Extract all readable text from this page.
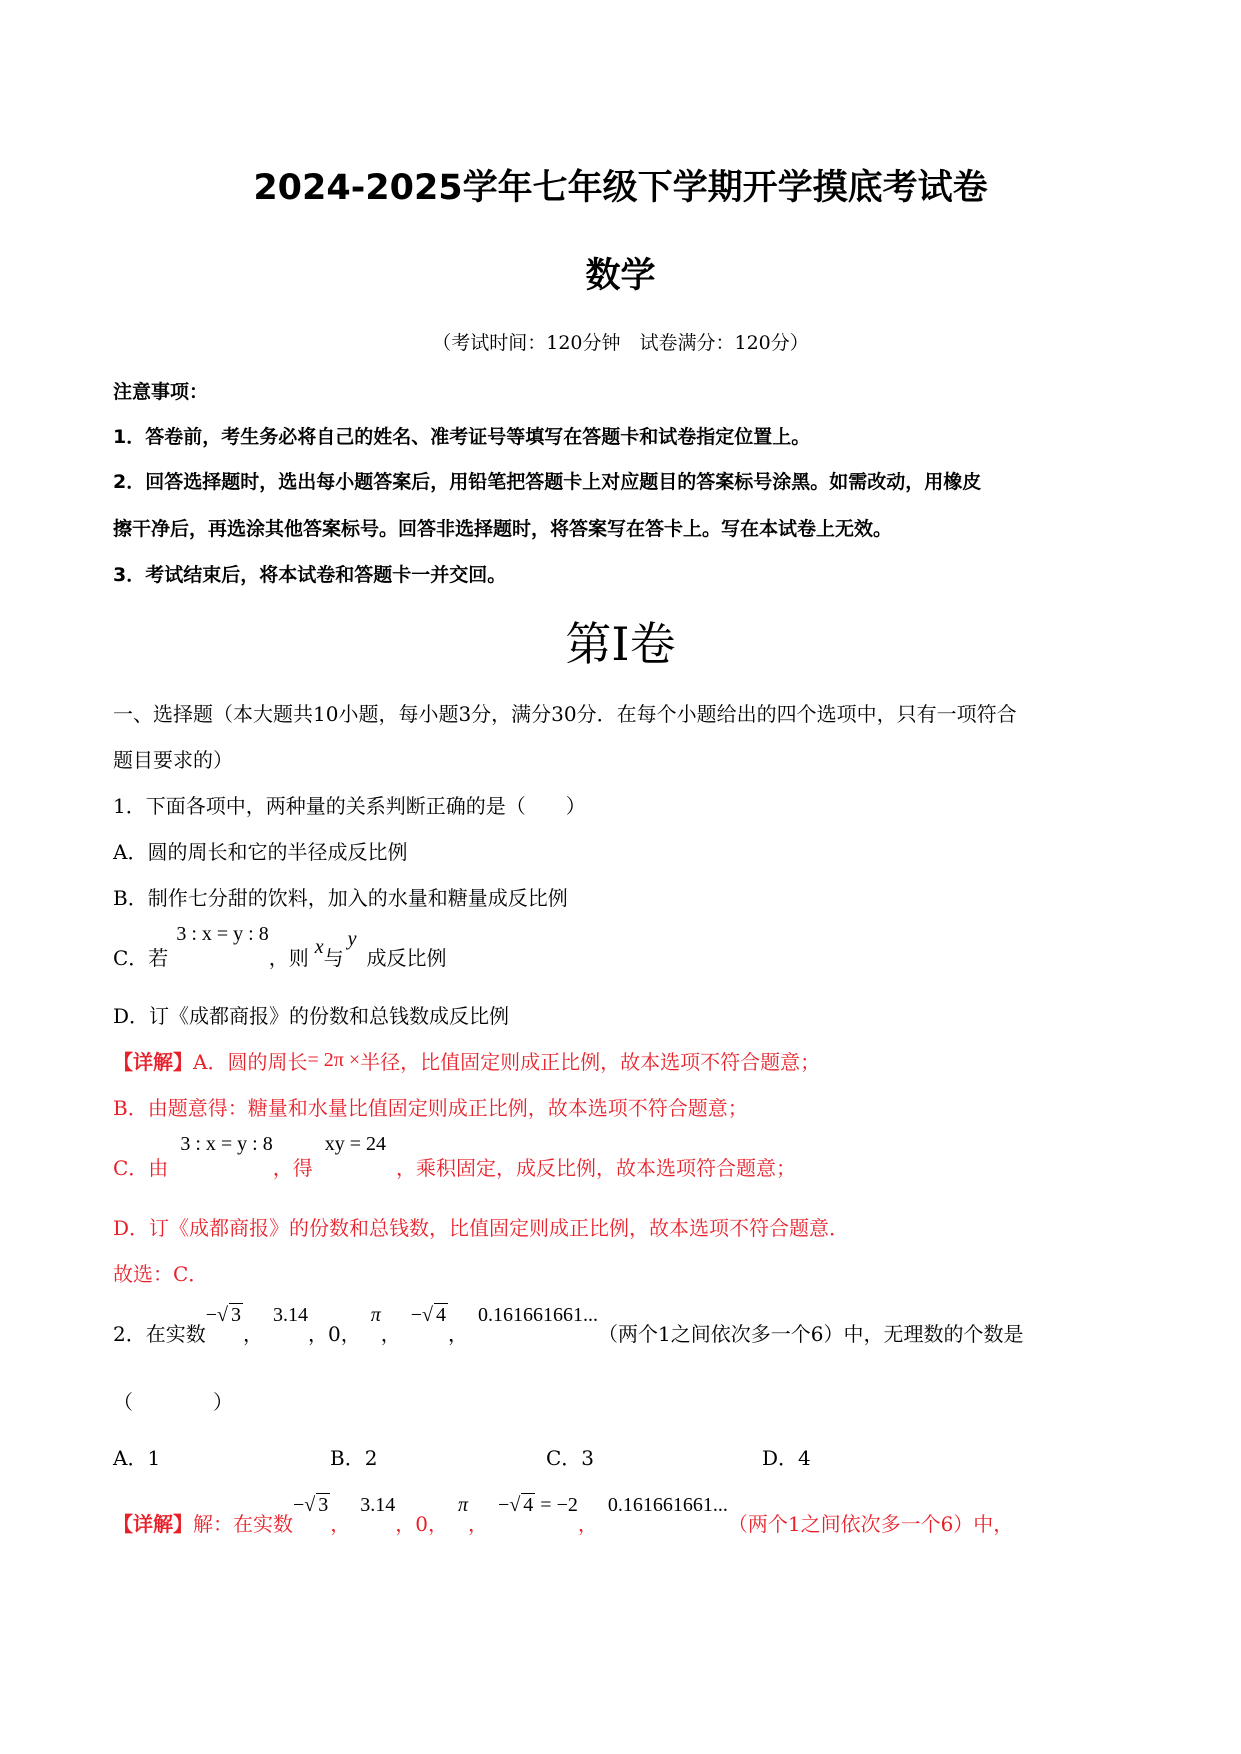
2024-2025学年七年级下学期开学摸底考试卷
数学
（考试时间：120分钟　试卷满分：120分）
注意事项：
1．答卷前，考生务必将自己的姓名、准考证号等填写在答题卡和试卷指定位置上。
2．回答选择题时，选出每小题答案后，用铅笔把答题卡上对应题目的答案标号涂黑。如需改动，用橡皮
擦干净后，再选涂其他答案标号。回答非选择题时，将答案写在答卡上。写在本试卷上无效。
3．考试结束后，将本试卷和答题卡一并交回。
第Ⅰ卷
一、选择题（本大题共10小题，每小题3分，满分30分．在每个小题给出的四个选项中，只有一项符合
题目要求的）
1．下面各项中，两种量的关系判断正确的是（　　）
A．圆的周长和它的半径成反比例
B．制作七分甜的饮料，加入的水量和糖量成反比例
C．若3 : x = y : 8，则 x与y成反比例
D．订《成都商报》的份数和总钱数成反比例
【详解】A．圆的周长= 2π ×半径，比值固定则成正比例，故本选项不符合题意；
B．由题意得：糖量和水量比值固定则成正比例，故本选项不符合题意；
C．由3 : x = y : 8，得xy = 24，乘积固定，成反比例，故本选项符合题意；
D．订《成都商报》的份数和总钱数，比值固定则成正比例，故本选项不符合题意．
故选：C．
2．在实数−√ 3，3.14，0，π，−√ 4，0.161661661...（两个1之间依次多一个6）中，无理数的个数是
（　　　　）
A．1	B．2	C．3	D．4
【详解】解：在实数−√ 3，3.14，0，π，−√ 4 = −2，0.161661661...（两个1之间依次多一个6）中，
